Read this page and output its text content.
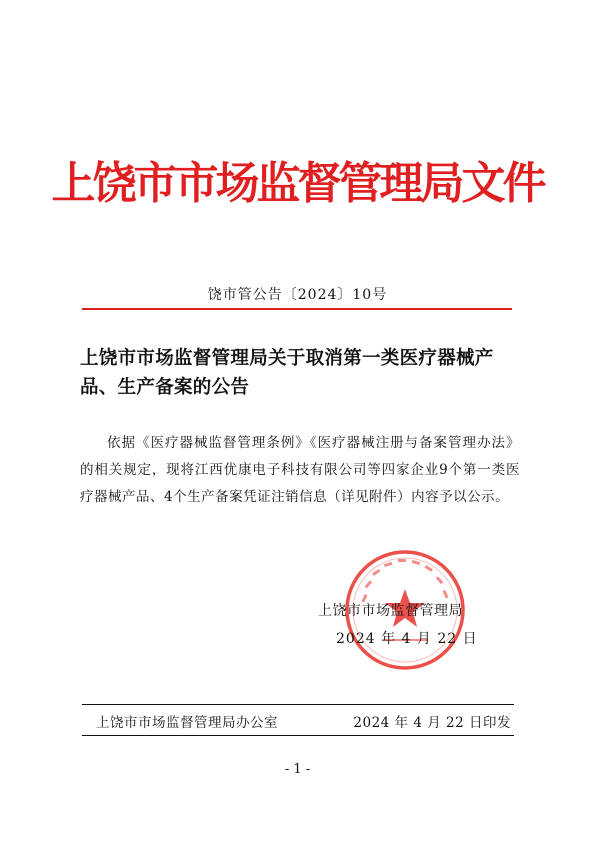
上饶市市场监督管理局文件
饶市管公告〔2024〕10号
上饶市市场监督管理局关于取消第一类医疗器械产品、生产备案的公告
依据《医疗器械监督管理条例》《医疗器械注册与备案管理办法》的相关规定，现将江西优康电子科技有限公司等四家企业9个第一类医疗器械产品、4个生产备案凭证注销信息（详见附件）内容予以公示。
上饶市市场监督管理局
2024 年 4 月 22 日
上饶市市场监督管理局办公室	2024 年 4 月 22 日印发
- 1 -
